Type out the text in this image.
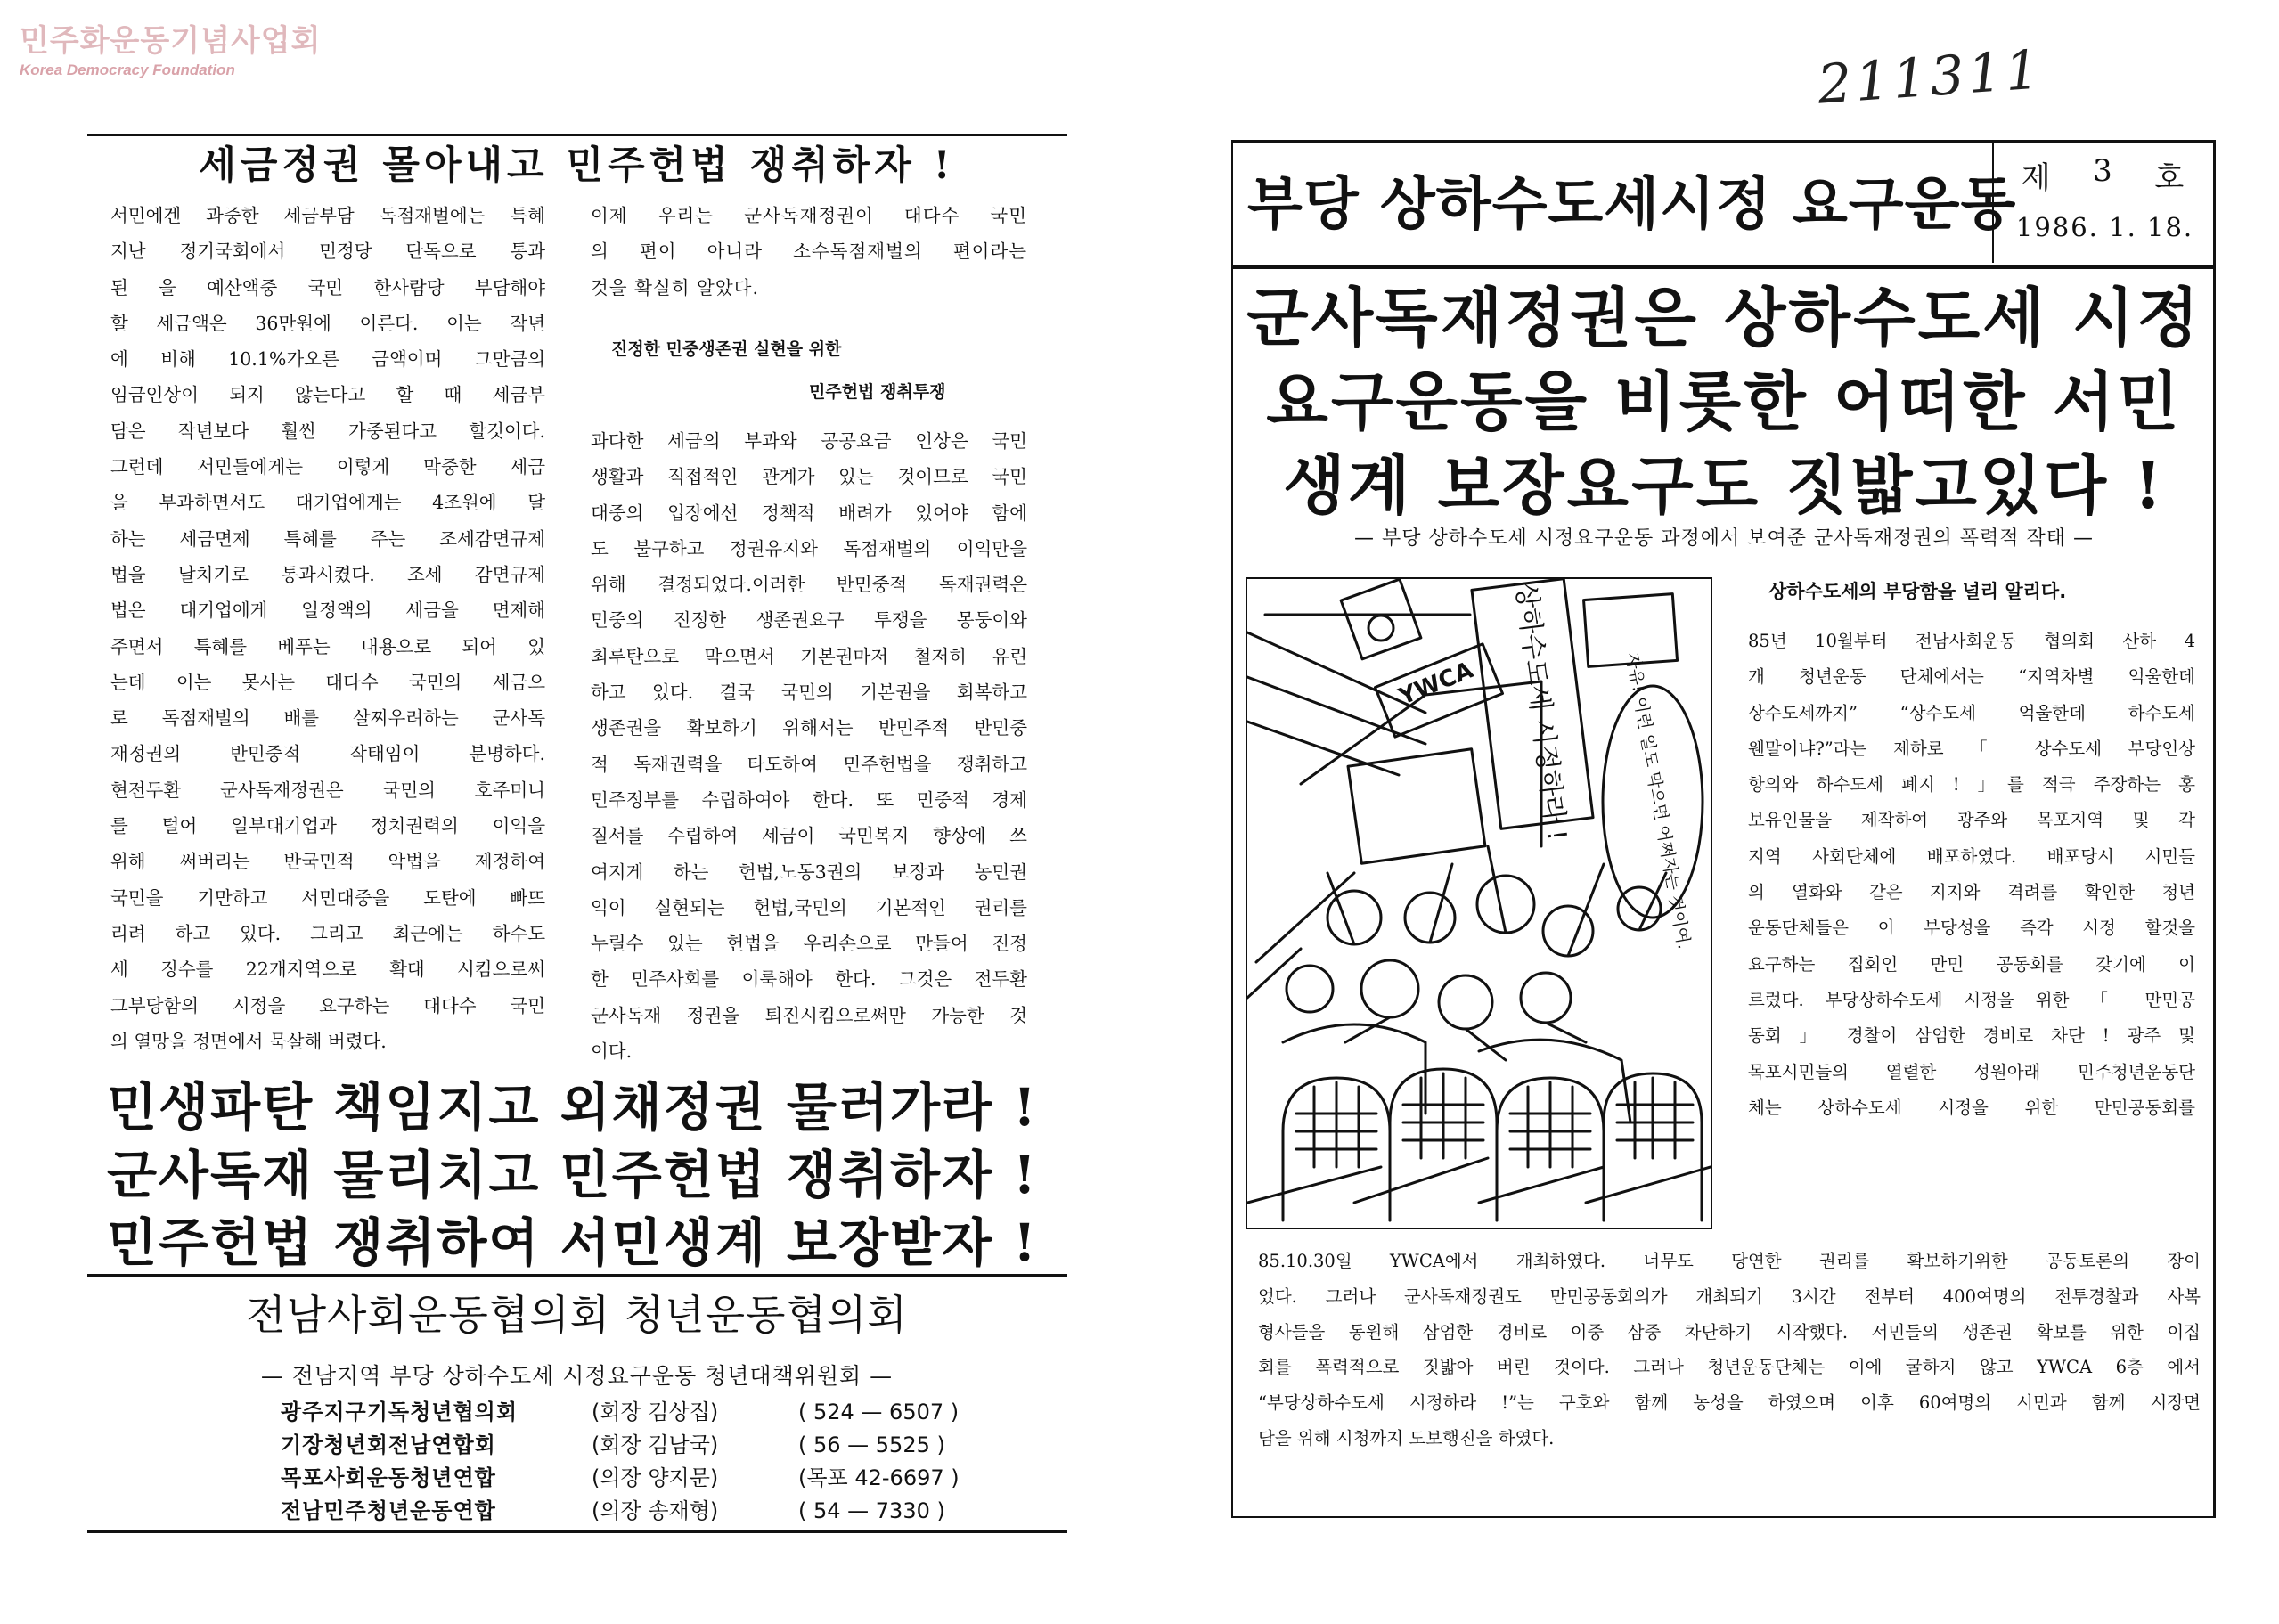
민주화운동기념사업회
Korea Democracy Foundation	211311
세금정권 몰아내고 민주헌법 쟁취하자 !

서민에겐 과중한 세금부담 독점재벌에는 특혜

지난 정기국회에서 민정당 단독으로 통과

된 을 예산액중 국민 한사람당 부담해야

할 세금액은 36만원에 이른다. 이는 작년

에 비해 10.1%가오른 금액이며 그만큼의

임금인상이 되지 않는다고 할 때 세금부

담은 작년보다 훨씬 가중된다고 할것이다.

그런데 서민들에게는 이렇게 막중한 세금

을 부과하면서도 대기업에게는 4조원에 달

하는 세금면제 특혜를 주는 조세감면규제

법을 날치기로 통과시켰다. 조세 감면규제

법은 대기업에게 일정액의 세금을 면제해

주면서 특혜를 베푸는 내용으로 되어 있

는데 이는 못사는 대다수 국민의 세금으

로 독점재벌의 배를 살찌우려하는 군사독

재정권의 반민중적 작태임이 분명하다.

현전두환 군사독재정권은 국민의 호주머니

를 털어 일부대기업과 정치권력의 이익을

위해 써버리는 반국민적 악법을 제정하여

국민을 기만하고 서민대중을 도탄에 빠뜨

리려 하고 있다. 그리고 최근에는 하수도

세 징수를 22개지역으로 확대 시킴으로써

그부당함의 시정을 요구하는 대다수 국민

의 열망을 정면에서 묵살해 버렸다.

이제 우리는 군사독재정권이 대다수 국민

의 편이 아니라 소수독점재벌의 편이라는

것을 확실히 알았다.

진정한 민중생존권 실현을 위한
민주헌법 쟁취투쟁

과다한 세금의 부과와 공공요금 인상은 국민

생활과 직접적인 관계가 있는 것이므로 국민

대중의 입장에선 정책적 배려가 있어야 함에

도 불구하고 정권유지와 독점재벌의 이익만을

위해 결정되었다.이러한 반민중적 독재권력은

민중의 진정한 생존권요구 투쟁을 몽둥이와

최루탄으로 막으면서 기본권마저 철저히 유린

하고 있다. 결국 국민의 기본권을 회복하고

생존권을 확보하기 위해서는 반민주적 반민중

적 독재권력을 타도하여 민주헌법을 쟁취하고

민주정부를 수립하여야 한다. 또 민중적 경제

질서를 수립하여 세금이 국민복지 향상에 쓰

여지게 하는 헌법,노동3권의 보장과 농민권

익이 실현되는 헌법,국민의 기본적인 권리를

누릴수 있는 헌법을 우리손으로 만들어 진정

한 민주사회를 이룩해야 한다. 그것은 전두환

군사독재 정권을 퇴진시킴으로써만 가능한 것

이다.

민생파탄 책임지고 외채정권 물러가라 !
군사독재 물리치고 민주헌법 쟁취하자 !
민주헌법 쟁취하여 서민생계 보장받자 !
전남사회운동협의회 청년운동협의회
— 전남지역 부당 상하수도세 시정요구운동 청년대책위원회 —
광주지구기독청년협의회	(회장 김상집)	( 524 — 6507 )
기장청년회전남연합회	(회장 김남국)	( 56 — 5525 )
목포사회운동청년연합	(의장 양지문)	(목포 42-6697 )
전남민주청년운동연합	(의장 송재형)	( 54 — 7330 )
부당 상하수도세시정 요구운동 제 3 호
1986. 1. 18.
군사독재정권은 상하수도세 시정
요구운동을 비롯한 어떠한 서민
생계 보장요구도 짓밟고있다 !
— 부당 상하수도세 시정요구운동 과정에서 보여준 군사독재정권의 폭력적 작태 —
YWCA 상하수도세 시정하라 !	자유! 이런 일도 막으면 어쩌자는 것이여.
상하수도세의 부당함을 널리 알리다.

85년 10월부터 전남사회운동 협의회 산하 4

개 청년운동 단체에서는 “지역차별 억울한데

상수도세까지” “상수도세 억울한데 하수도세

웬말이냐?”라는 제하로 「 상수도세 부당인상

항의와 하수도세 폐지 ! 」를 적극 주장하는 홍

보유인물을 제작하여 광주와 목포지역 및 각

지역 사회단체에 배포하였다. 배포당시 시민들

의 열화와 같은 지지와 격려를 확인한 청년

운동단체들은 이 부당성을 즉각 시정 할것을

요구하는 집회인 만민 공동회를 갖기에 이

르렀다. 부당상하수도세 시정을 위한 「 만민공

동회 」 경찰이 삼엄한 경비로 차단 ! 광주 및

목포시민들의 열렬한 성원아래 민주청년운동단

체는 상하수도세 시정을 위한 만민공동회를

85.10.30일 YWCA에서 개최하였다. 너무도 당연한 권리를 확보하기위한 공동토론의 장이

었다. 그러나 군사독재정권도 만민공동회의가 개최되기 3시간 전부터 400여명의 전투경찰과 사복

형사들을 동원해 삼엄한 경비로 이중 삼중 차단하기 시작했다. 서민들의 생존권 확보를 위한 이집

회를 폭력적으로 짓밟아 버린 것이다. 그러나 청년운동단체는 이에 굴하지 않고 YWCA 6층 에서

“부당상하수도세 시정하라 !”는 구호와 함께 농성을 하였으며 이후 60여명의 시민과 함께 시장면

담을 위해 시청까지 도보행진을 하였다.
